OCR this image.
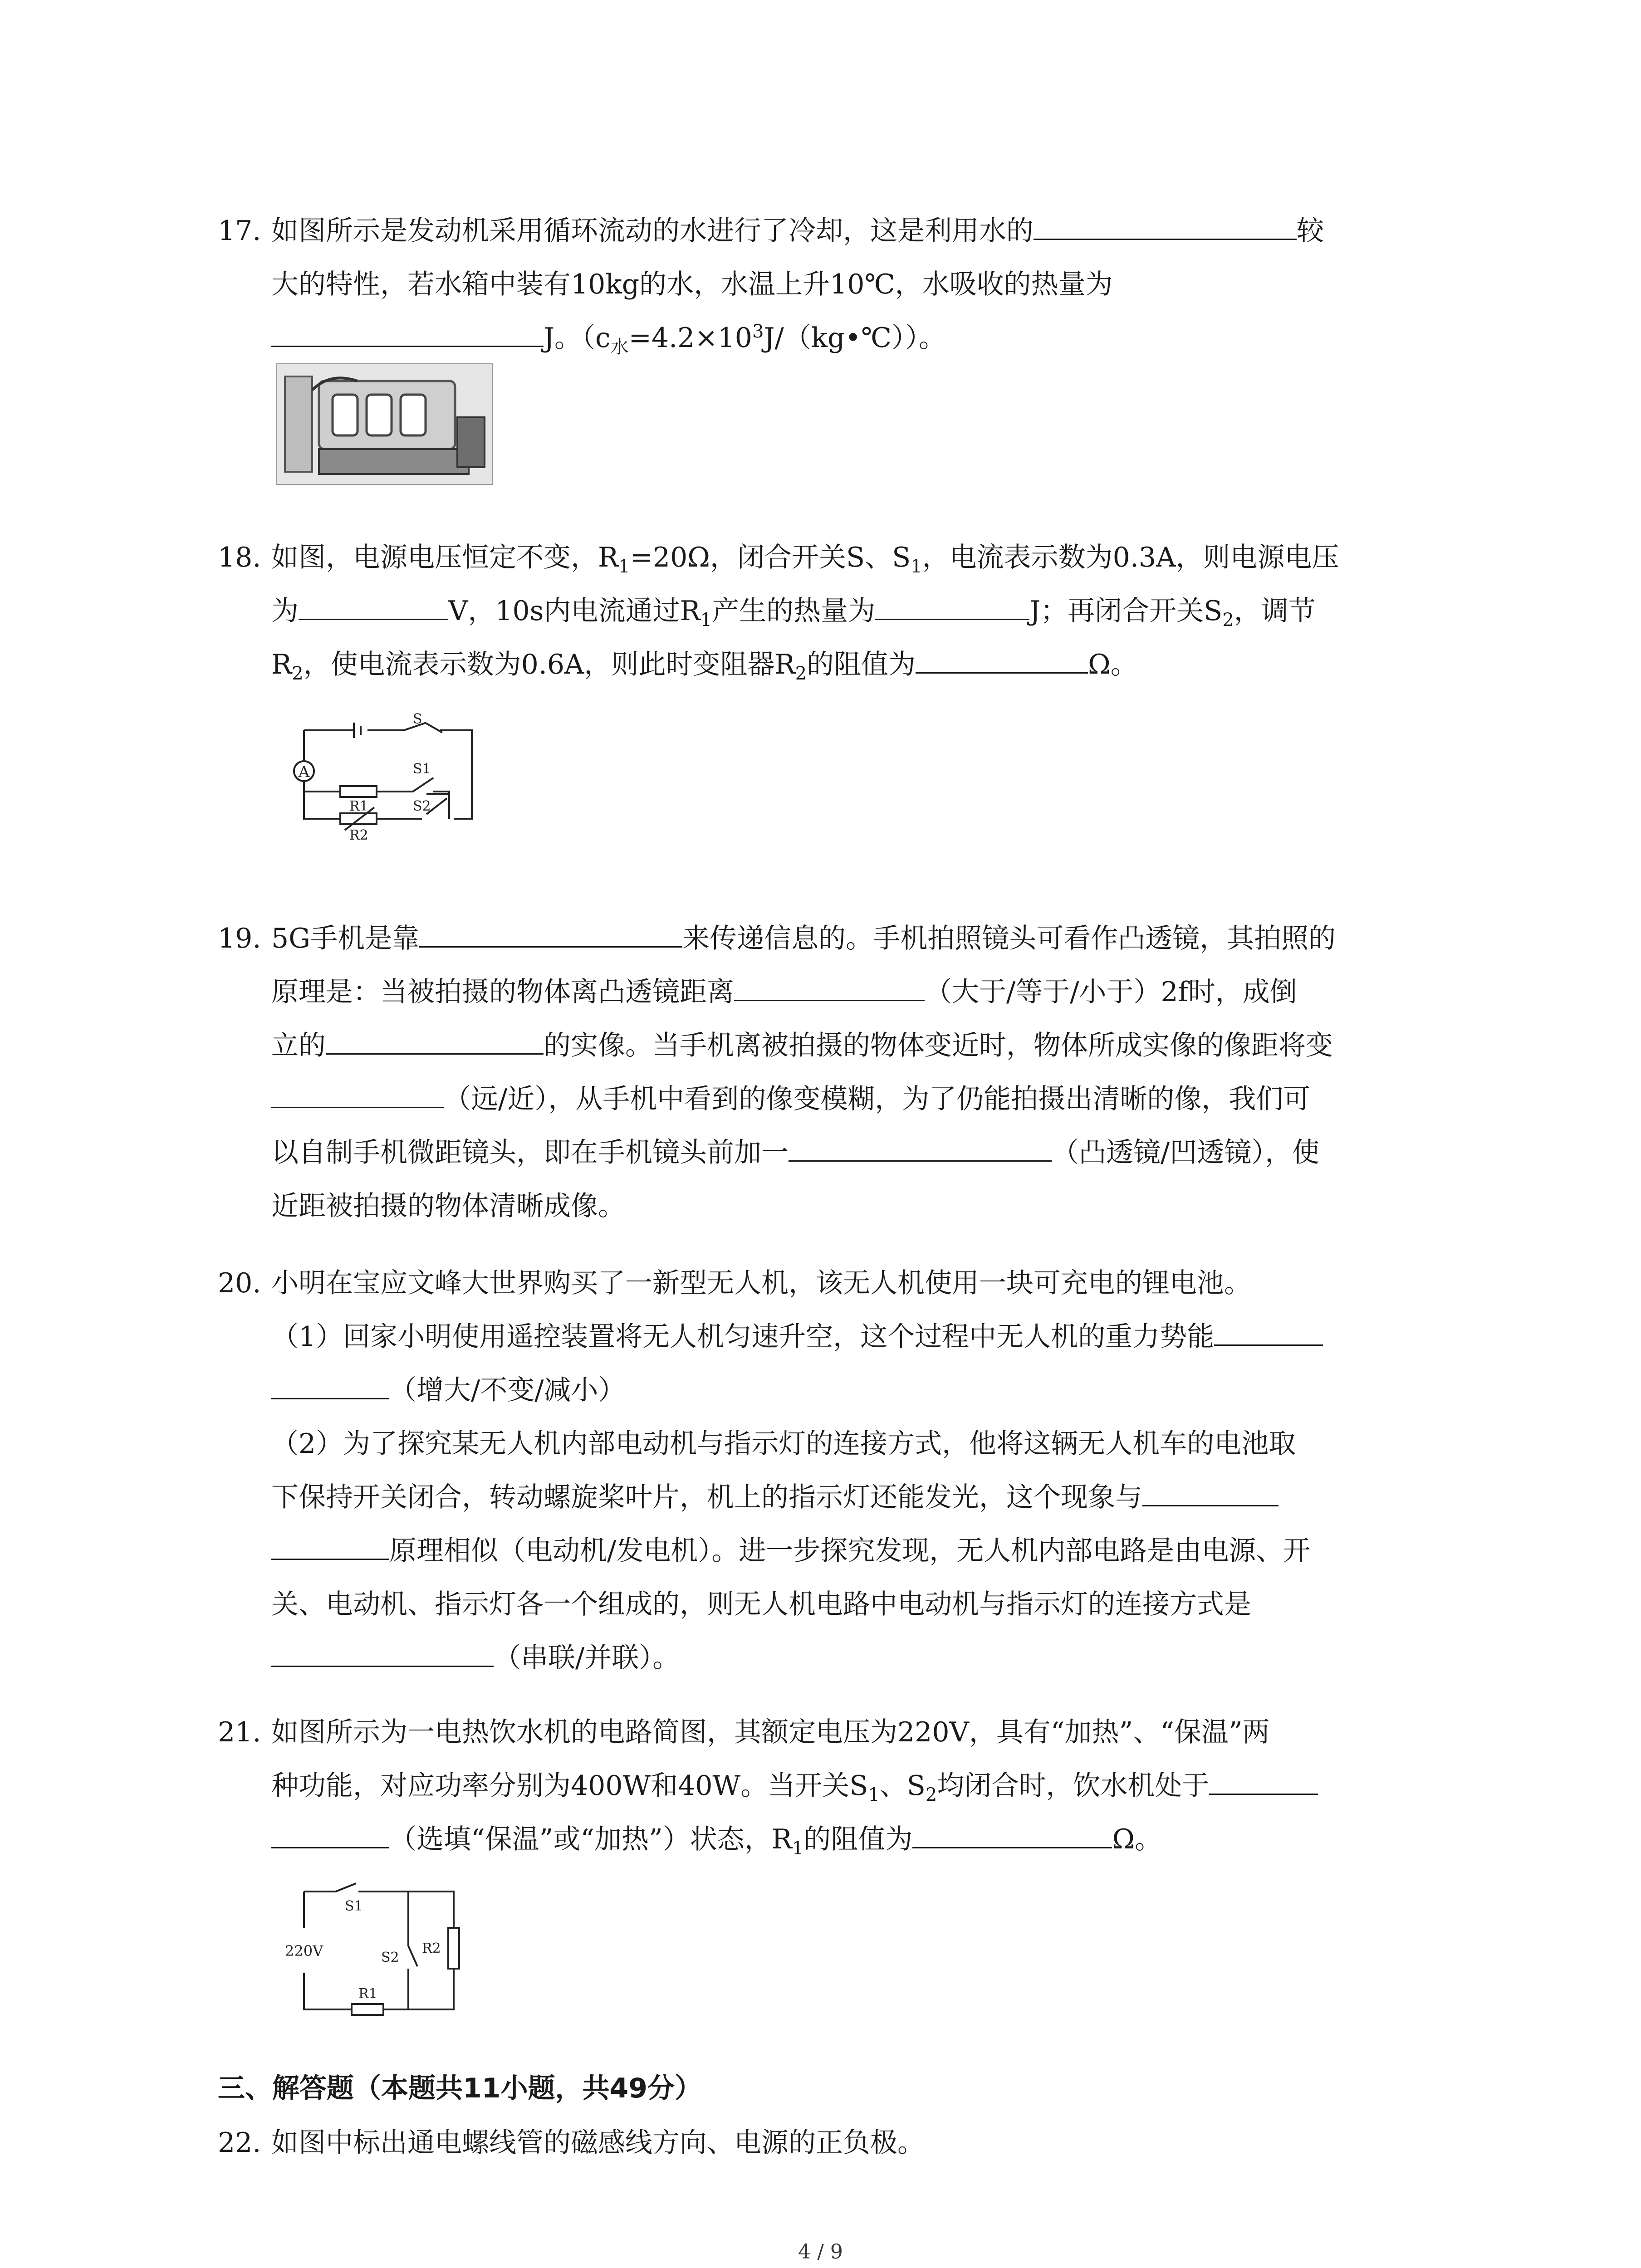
17. 如图所示是发动机采用循环流动的水进行了冷却，这是利用水的	较
大的特性，若水箱中装有10kg的水，水温上升10℃，水吸收的热量为
J。$(c_水=4.2\times 10^3J/(kg•℃))$。
18. 如图，电源电压恒定不变，$R_1=20\Omega$，闭合开关S、$S_1$，电流表示数为0.3A，则电源电压
为	V，10s内电流通过$R_1$产生的热量为	J；再闭合开关$S_2$，调节
$R_2$，使电流表示数为0.6A，则此时变阻器$R_2$的阻值为	Ω。
A
S
S1
S2
R1
R2
19. 5G手机是靠	来传递信息的。手机拍照镜头可看作凸透镜，其拍照的
原理是：当被拍摄的物体离凸透镜距离	（大于/等于/小于）2f时，成倒
立的	的实像。当手机离被拍摄的物体变近时，物体所成实像的像距将变
（远/近），从手机中看到的像变模糊，为了仍能拍摄出清晰的像，我们可
以自制手机微距镜头，即在手机镜头前加一	（凸透镜/凹透镜），使
近距被拍摄的物体清晰成像。
20. 小明在宝应文峰大世界购买了一新型无人机，该无人机使用一块可充电的锂电池。
（1）回家小明使用遥控装置将无人机匀速升空，这个过程中无人机的重力势能
（增大/不变/减小）
（2）为了探究某无人机内部电动机与指示灯的连接方式，他将这辆无人机车的电池取
下保持开关闭合，转动螺旋桨叶片，机上的指示灯还能发光，这个现象与
原理相似（电动机/发电机）。进一步探究发现，无人机内部电路是由电源、开
关、电动机、指示灯各一个组成的，则无人机电路中电动机与指示灯的连接方式是
（串联/并联）。
21. 如图所示为一电热饮水机的电路简图，其额定电压为220V，具有“加热”、“保温”两
种功能，对应功率分别为400W和40W。当开关$S_1$、$S_2$均闭合时，饮水机处于
（选填“保温”或“加热”）状态，$R_1$的阻值为	Ω。
S1
S2
R2
R1
220V
三、解答题（本题共11小题，共49分）
22. 如图中标出通电螺线管的磁感线方向、电源的正负极。
4 / 9
